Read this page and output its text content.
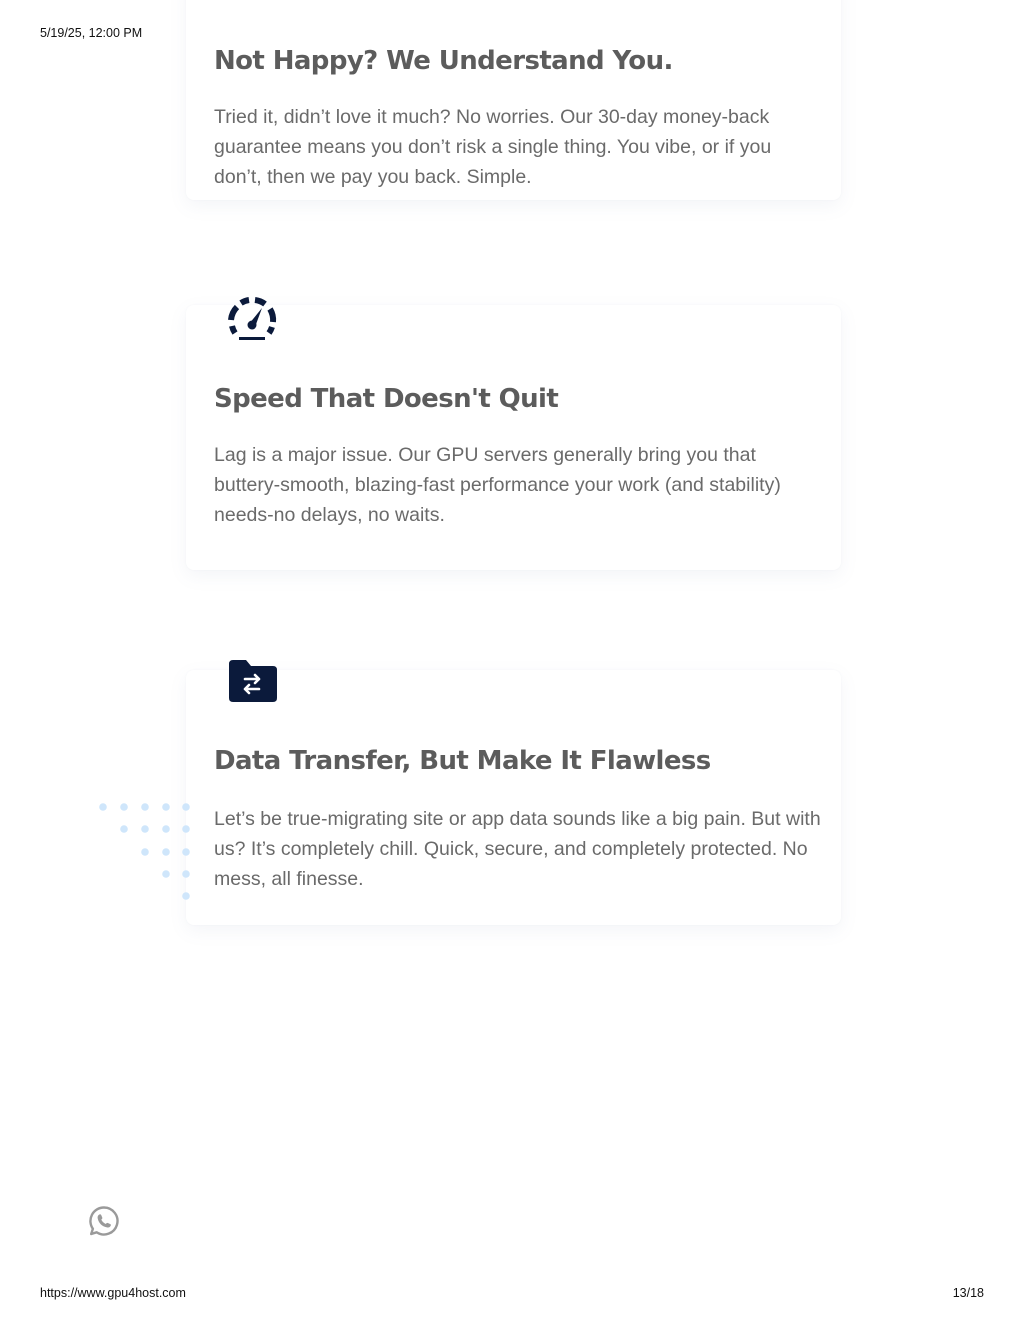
5/19/25, 12:00 PM
Not Happy? We Understand You.
Tried it, didn’t love it much? No worries. Our 30-day money-back guarantee means you don’t risk a single thing. You vibe, or if you don’t, then we pay you back. Simple.
Speed That Doesn't Quit
Lag is a major issue. Our GPU servers generally bring you that buttery-smooth, blazing-fast performance your work (and stability) needs-no delays, no waits.
Data Transfer, But Make It Flawless
Let’s be true-migrating site or app data sounds like a big pain. But with us? It’s completely chill. Quick, secure, and completely protected. No mess, all finesse.
https://www.gpu4host.com	13/18
